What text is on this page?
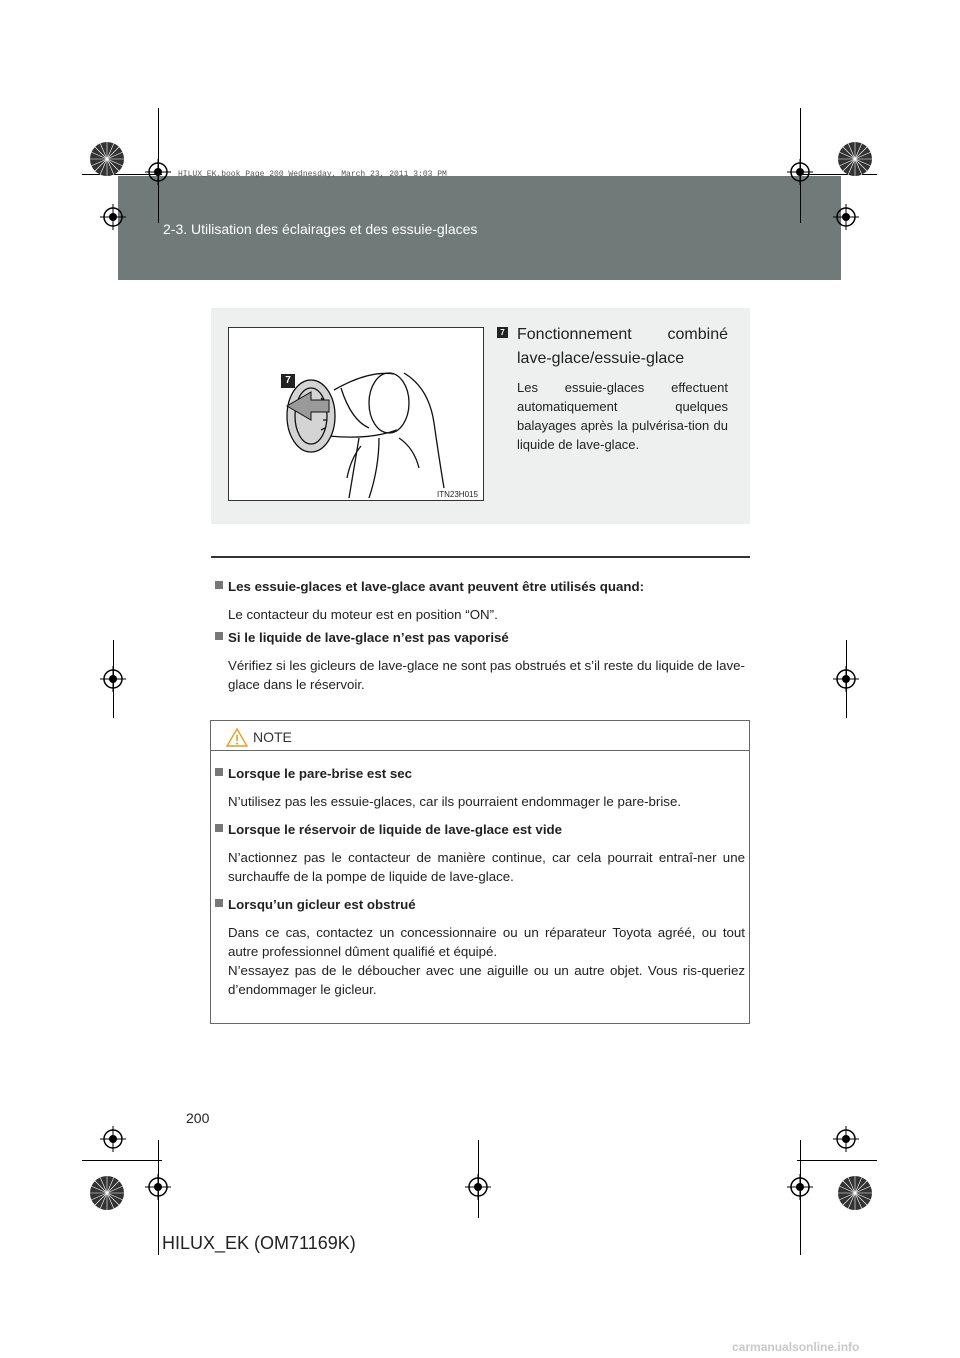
2-3. Utilisation des éclairages et des essuie-glaces
HILUX_EK.book Page 200 Wednesday, March 23, 2011 3:03 PM
7
ITN23H015
7 Fonctionnement combiné
lave-glace/essuie-glace
Les essuie-glaces effectuent automatiquement quelques balayages après la pulvérisa-tion du liquide de lave-glace.
Les essuie-glaces et lave-glace avant peuvent être utilisés quand:
Le contacteur du moteur est en position “ON”.
Si le liquide de lave-glace n’est pas vaporisé
Vérifiez si les gicleurs de lave-glace ne sont pas obstrués et s’il reste du liquide de lave-glace dans le réservoir.
NOTE
Lorsque le pare-brise est sec
N’utilisez pas les essuie-glaces, car ils pourraient endommager le pare-brise.
Lorsque le réservoir de liquide de lave-glace est vide
N’actionnez pas le contacteur de manière continue, car cela pourrait entraî-ner une surchauffe de la pompe de liquide de lave-glace.
Lorsqu’un gicleur est obstrué
Dans ce cas, contactez un concessionnaire ou un réparateur Toyota agréé, ou tout autre professionnel dûment qualifié et équipé.
N’essayez pas de le déboucher avec une aiguille ou un autre objet. Vous ris-queriez d’endommager le gicleur.
200
HILUX_EK (OM71169K)
carmanualsonline.info
